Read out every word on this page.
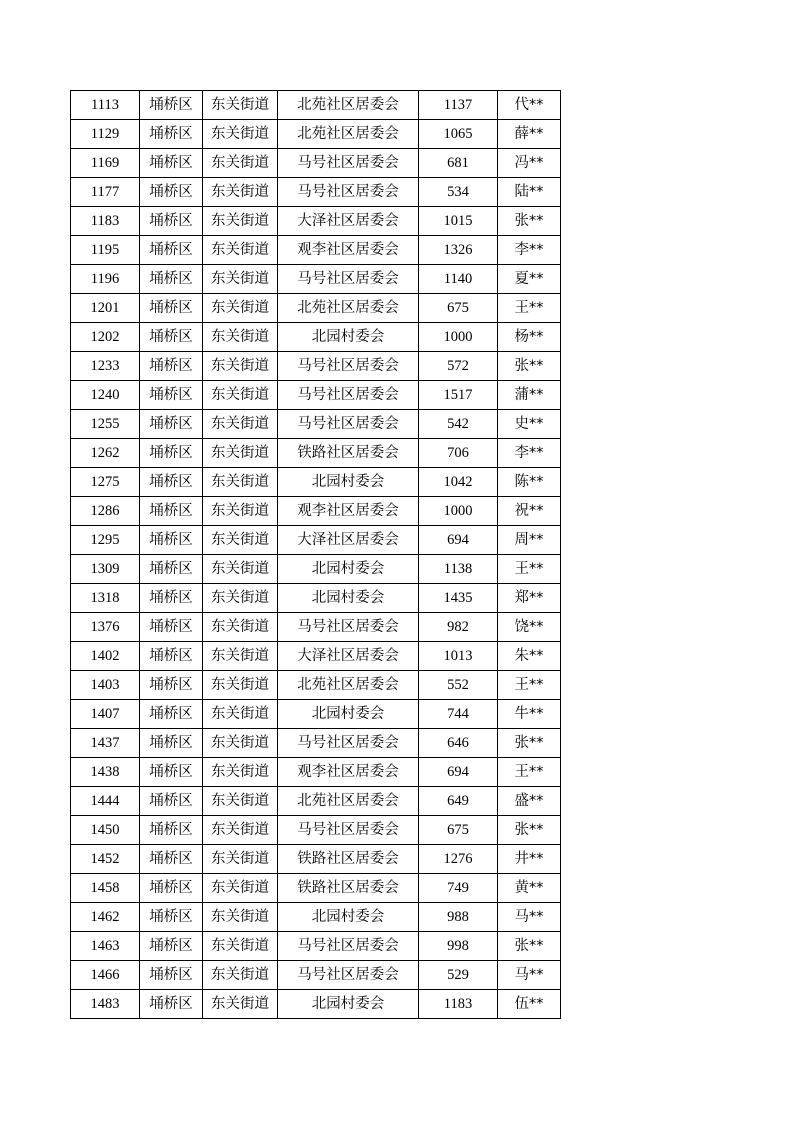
1113	埇桥区	东关街道	北苑社区居委会	1137	代**
1129	埇桥区	东关街道	北苑社区居委会	1065	薛**
1169	埇桥区	东关街道	马号社区居委会	681	冯**
1177	埇桥区	东关街道	马号社区居委会	534	陆**
1183	埇桥区	东关街道	大泽社区居委会	1015	张**
1195	埇桥区	东关街道	观李社区居委会	1326	李**
1196	埇桥区	东关街道	马号社区居委会	1140	夏**
1201	埇桥区	东关街道	北苑社区居委会	675	王**
1202	埇桥区	东关街道	北园村委会	1000	杨**
1233	埇桥区	东关街道	马号社区居委会	572	张**
1240	埇桥区	东关街道	马号社区居委会	1517	蒲**
1255	埇桥区	东关街道	马号社区居委会	542	史**
1262	埇桥区	东关街道	铁路社区居委会	706	李**
1275	埇桥区	东关街道	北园村委会	1042	陈**
1286	埇桥区	东关街道	观李社区居委会	1000	祝**
1295	埇桥区	东关街道	大泽社区居委会	694	周**
1309	埇桥区	东关街道	北园村委会	1138	王**
1318	埇桥区	东关街道	北园村委会	1435	郑**
1376	埇桥区	东关街道	马号社区居委会	982	饶**
1402	埇桥区	东关街道	大泽社区居委会	1013	朱**
1403	埇桥区	东关街道	北苑社区居委会	552	王**
1407	埇桥区	东关街道	北园村委会	744	牛**
1437	埇桥区	东关街道	马号社区居委会	646	张**
1438	埇桥区	东关街道	观李社区居委会	694	王**
1444	埇桥区	东关街道	北苑社区居委会	649	盛**
1450	埇桥区	东关街道	马号社区居委会	675	张**
1452	埇桥区	东关街道	铁路社区居委会	1276	井**
1458	埇桥区	东关街道	铁路社区居委会	749	黄**
1462	埇桥区	东关街道	北园村委会	988	马**
1463	埇桥区	东关街道	马号社区居委会	998	张**
1466	埇桥区	东关街道	马号社区居委会	529	马**
1483	埇桥区	东关街道	北园村委会	1183	伍**
